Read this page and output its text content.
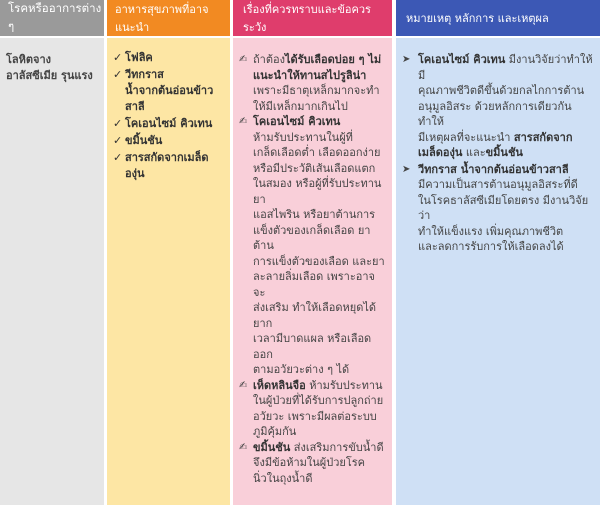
โรคหรืออาการต่าง ๆ
โลหิตจาง
อาลัสซีเมีย รุนแรง
อาหารสุขภาพที่อาจแนะนำ
✓ โฟลิค
✓ วีทกราส
น้ำจากต้นอ่อนข้าวสาลี
✓ โคเอนไซม์ คิวเทน
✓ ขมิ้นชัน
✓ สารสกัดจากเมล็ดองุ่น
เรื่องที่ควรทราบและข้อควรระวัง
✍ ถ้าต้องได้รับเลือดบ่อย ๆ ไม่
แนะนำให้ทานสไปรูลิน่า
เพราะมีธาตุเหล็กมากจะทำ
ให้มีเหล็กมากเกินไป
✍ โคเอนไซม์ คิวเทน
ห้ามรับประทานในผู้ที่
เกล็ดเลือดต่ำ เลือดออกง่าย
หรือมีประวัติเส้นเลือดแตก
ในสมอง หรือผู้ที่รับประทานยา
แอสไพริน หรือยาต้านการ
แข็งตัวของเกล็ดเลือด ยาต้าน
การแข็งตัวของเลือด และยา
ละลายลิ่มเลือด เพราะอาจจะ
ส่งเสริม ทำให้เลือดหยุดได้ยาก
เวลามีบาดแผล หรือเลือดออก
ตามอวัยวะต่าง ๆ ได้
✍ เห็ดหลินจือ ห้ามรับประทาน
ในผู้ป่วยที่ได้รับการปลูกถ่าย
อวัยวะ เพราะมีผลต่อระบบ
ภูมิคุ้มกัน
✍ ขมิ้นชัน ส่งเสริมการขับน้ำดี
จึงมีข้อห้ามในผู้ป่วยโรค
นิ่วในถุงน้ำดี
หมายเหตุ หลักการ และเหตุผล
➤ โคเอนไซม์ คิวเทน มีงานวิจัยว่าทำให้มี
คุณภาพชีวิตดีขึ้นด้วยกลไกการต้าน
อนุมูลอิสระ ด้วยหลักการเดียวกันทำให้
มีเหตุผลที่จะแนะนำ สารสกัดจาก
เมล็ดองุ่น และขมิ้นชัน
➤ วีทกราส น้ำจากต้นอ่อนข้าวสาลี
มีความเป็นสารต้านอนุมูลอิสระที่ดี
ในโรคธาลัสซีเมียโดยตรง มีงานวิจัยว่า
ทำให้แข็งแรง เพิ่มคุณภาพชีวิต
และลดการรับการให้เลือดลงได้
